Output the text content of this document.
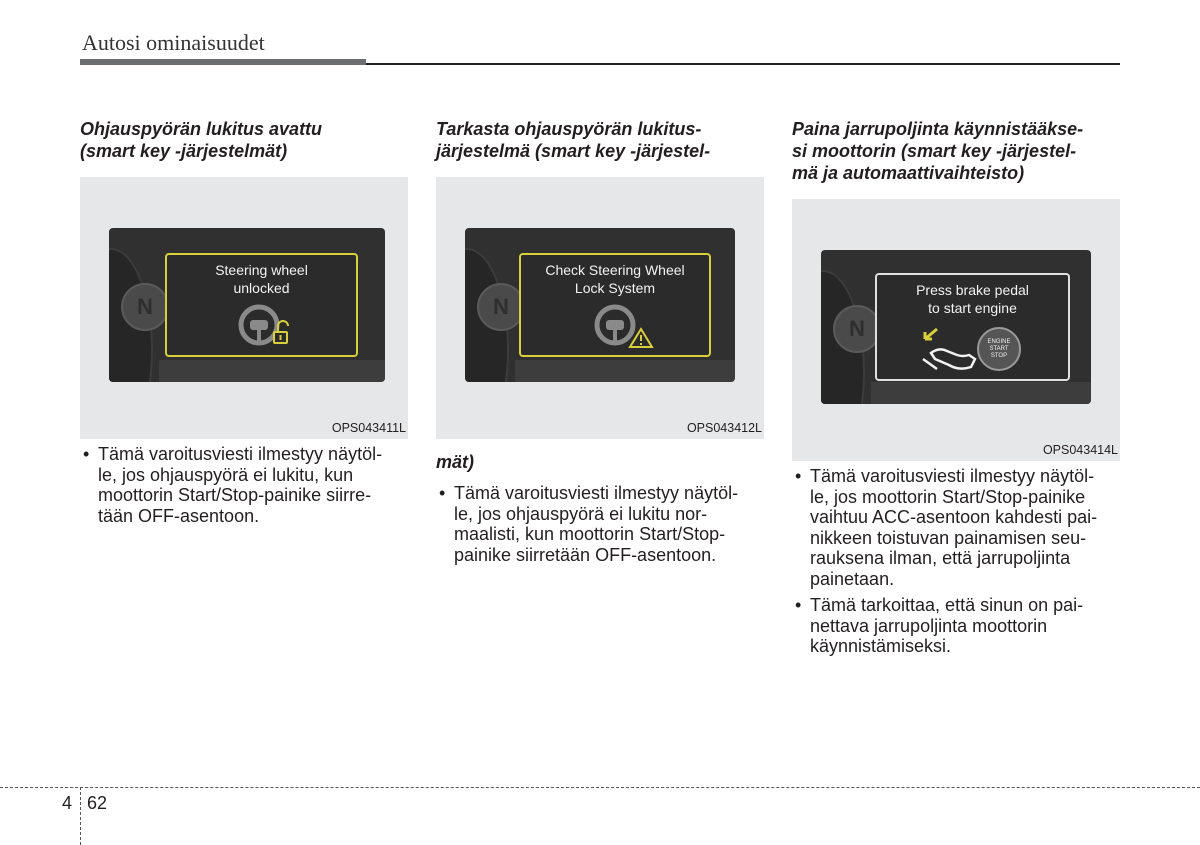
Autosi ominaisuudet
Ohjauspyörän lukitus avattu
(smart key -järjestelmät)
N
Steering wheel
unlocked
OPS043411L
• Tämä varoitusviesti ilmestyy näytöl-
le, jos ohjauspyörä ei lukitu, kun
moottorin Start/Stop-painike siirre-
tään OFF-asentoon.
Tarkasta ohjauspyörän lukitus-
järjestelmä (smart key -järjestel-
N
Check Steering Wheel
Lock System
OPS043412L
mät)
• Tämä varoitusviesti ilmestyy näytöl-
le, jos ohjauspyörä ei lukitu nor-
maalisti, kun moottorin Start/Stop-
painike siirretään OFF-asentoon.
Paina jarrupoljinta käynnistääkse-
si moottorin (smart key -järjestel-
mä ja automaattivaihteisto)
N
Press brake pedal
to start engine
ENGINE
START
STOP
OPS043414L
• Tämä varoitusviesti ilmestyy näytöl-
le, jos moottorin Start/Stop-painike
vaihtuu ACC-asentoon kahdesti pai-
nikkeen toistuvan painamisen seu-
rauksena ilman, että jarrupoljinta
painetaan.
• Tämä tarkoittaa, että sinun on pai-
nettava jarrupoljinta moottorin
käynnistämiseksi.
4 62
